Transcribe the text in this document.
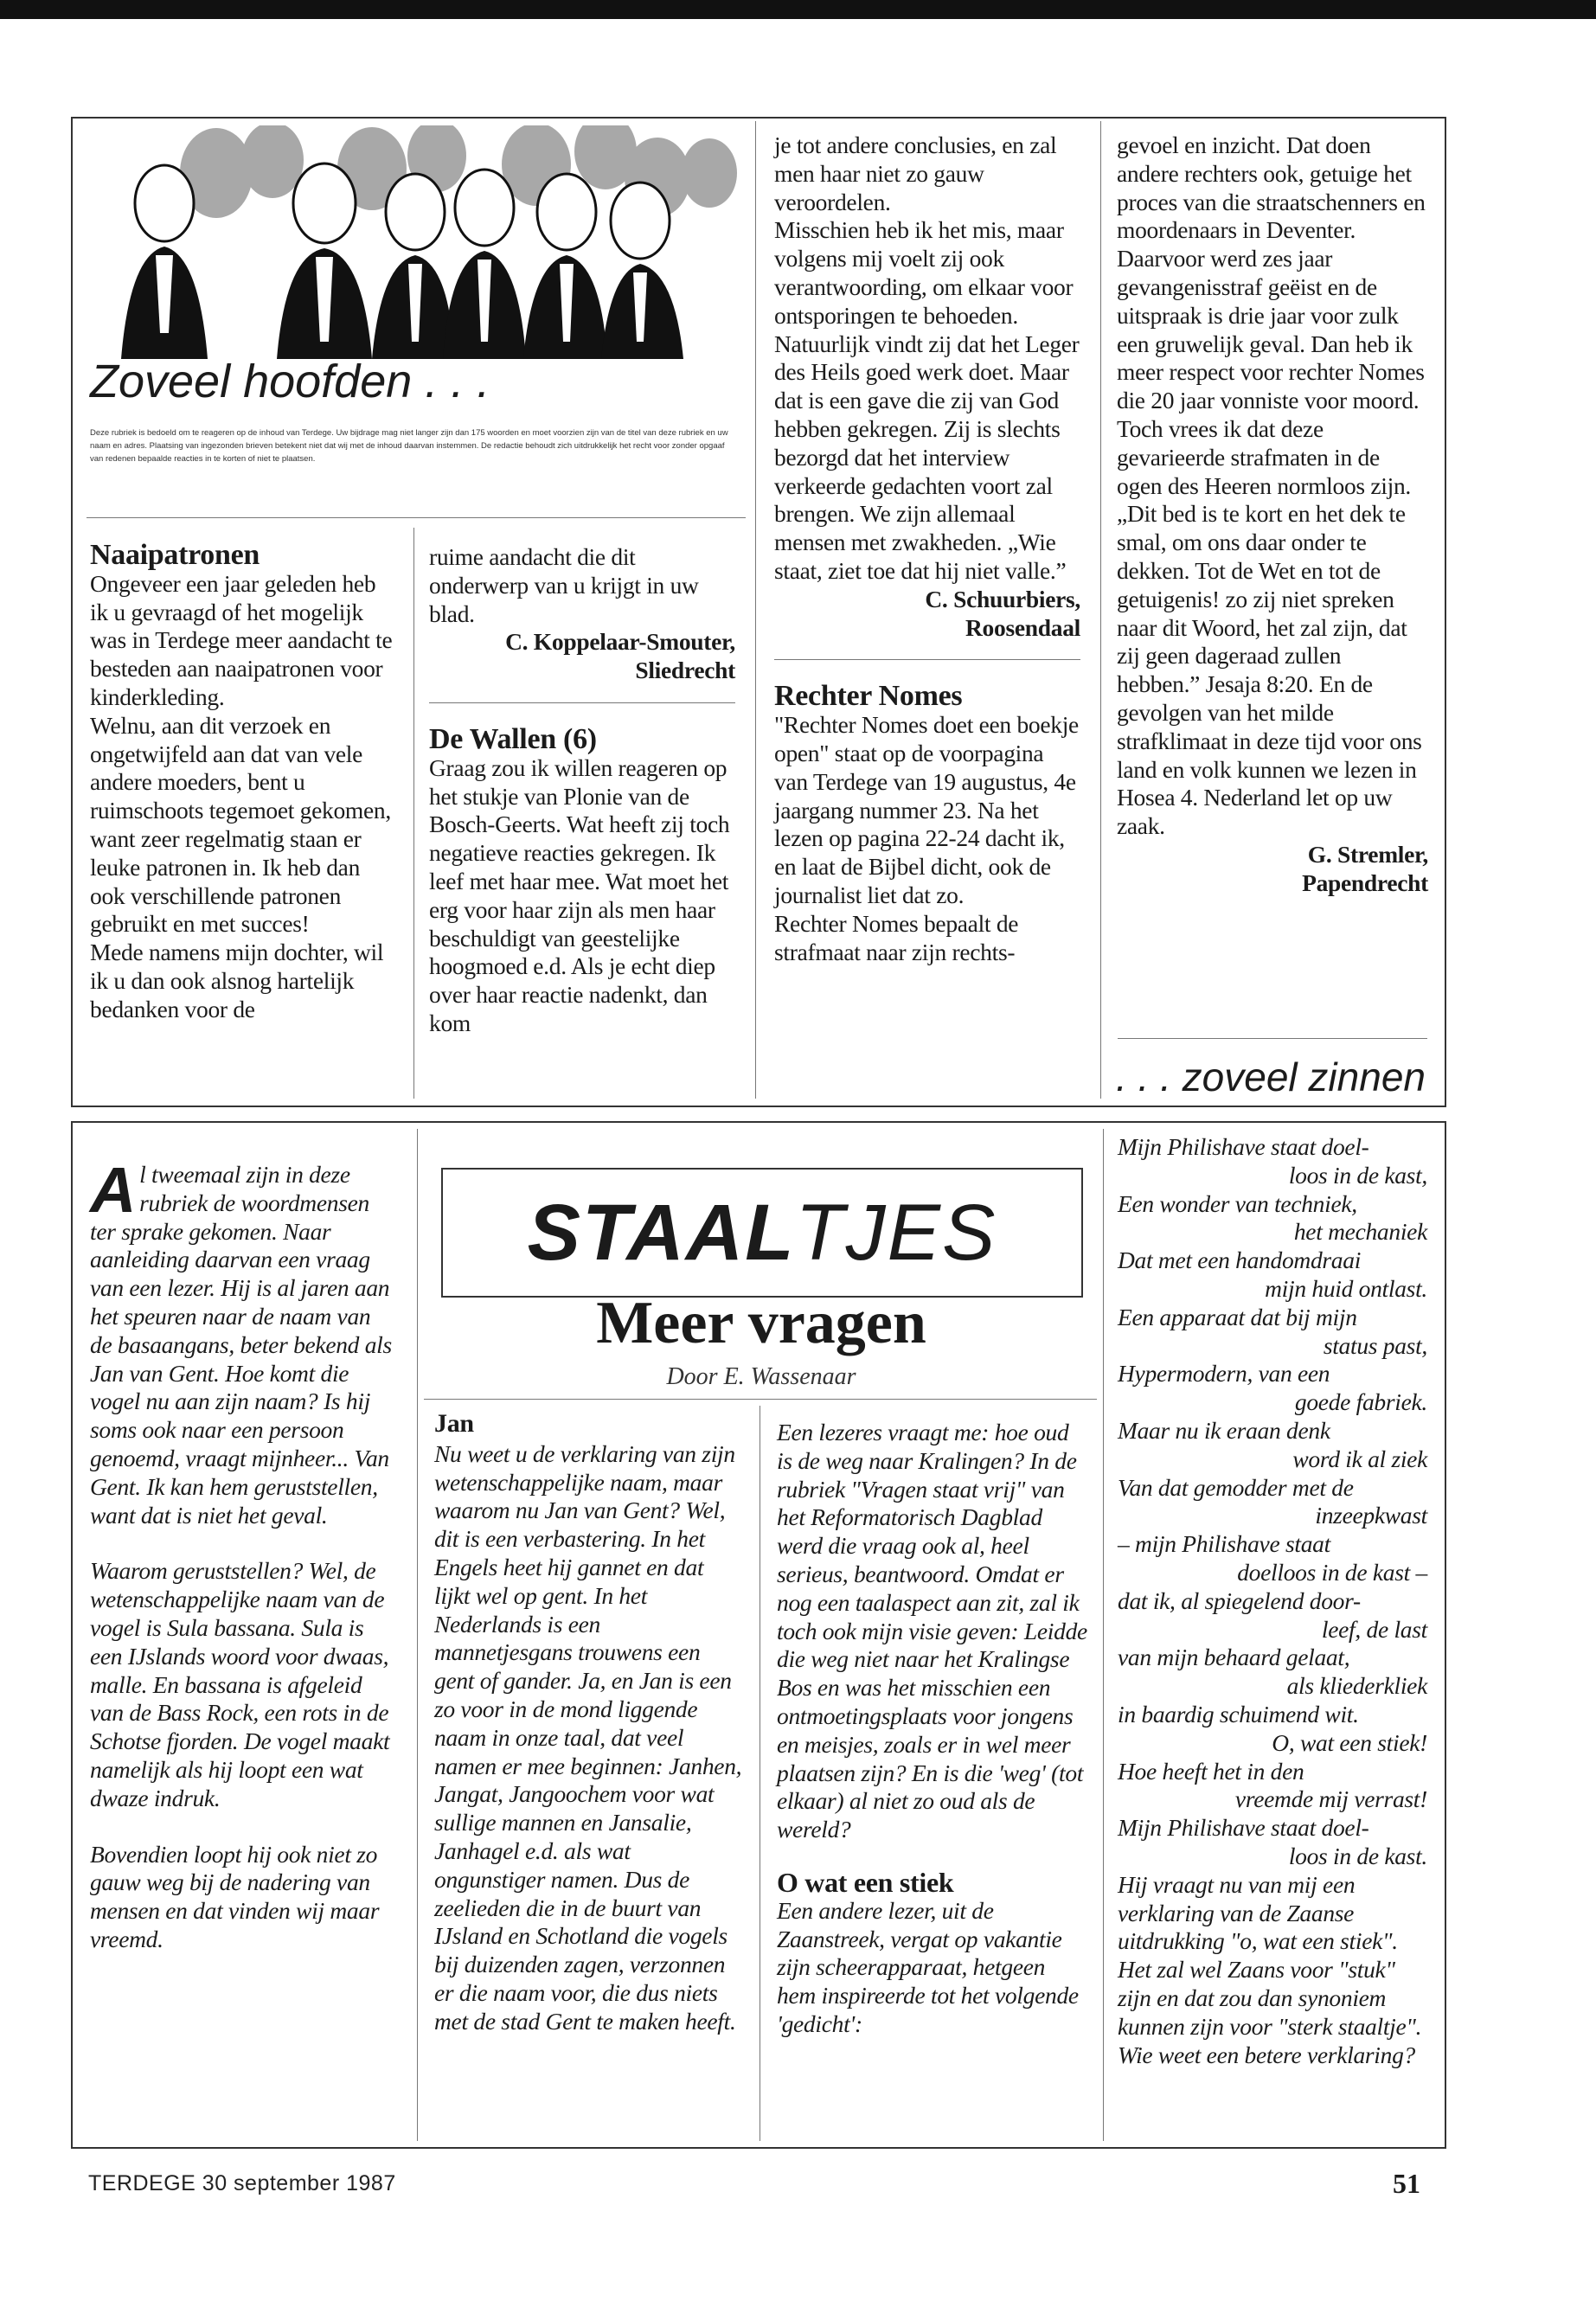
Zoveel hoofden . . .
Deze rubriek is bedoeld om te reageren op de inhoud van Terdege. Uw bijdrage mag niet langer zijn dan 175 woorden en moet voorzien zijn van de titel van deze rubriek en uw naam en adres. Plaatsing van ingezonden brieven betekent niet dat wij met de inhoud daarvan instemmen. De redactie behoudt zich uitdrukkelijk het recht voor zonder opgaaf van redenen bepaalde reacties in te korten of niet te plaatsen.

Naaipatronen

Ongeveer een jaar geleden heb ik u gevraagd of het mogelijk was in Terdege meer aandacht te besteden aan naaipatronen voor kinderkleding.

Welnu, aan dit verzoek en ongetwijfeld aan dat van vele andere moeders, bent u ruimschoots tegemoet gekomen, want zeer regelmatig staan er leuke patronen in. Ik heb dan ook verschillende patronen gebruikt en met succes!

Mede namens mijn dochter, wil ik u dan ook alsnog hartelijk bedanken voor de

ruime aandacht die dit onderwerp van u krijgt in uw blad.

C. Koppelaar-Smouter,

Sliedrecht

De Wallen (6)

Graag zou ik willen reageren op het stukje van Plonie van de Bosch-Geerts. Wat heeft zij toch negatieve reacties gekregen. Ik leef met haar mee. Wat moet het erg voor haar zijn als men haar beschuldigt van geestelijke hoogmoed e.d. Als je echt diep over haar reactie nadenkt, dan kom

je tot andere conclusies, en zal men haar niet zo gauw veroordelen.

Misschien heb ik het mis, maar volgens mij voelt zij ook verantwoording, om elkaar voor ontsporingen te behoeden. Natuurlijk vindt zij dat het Leger des Heils goed werk doet. Maar dat is een gave die zij van God hebben gekregen. Zij is slechts bezorgd dat het interview verkeerde gedachten voort zal brengen. We zijn allemaal mensen met zwakheden. „Wie staat, ziet toe dat hij niet valle.”

C. Schuurbiers,

Roosendaal

Rechter Nomes

"Rechter Nomes doet een boekje open" staat op de voorpagina van Terdege van 19 augustus, 4e jaargang nummer 23. Na het lezen op pagina 22-24 dacht ik, en laat de Bijbel dicht, ook de journalist liet dat zo.

Rechter Nomes bepaalt de strafmaat naar zijn rechts-

gevoel en inzicht. Dat doen andere rechters ook, getuige het proces van die straatschenners en moordenaars in Deventer. Daarvoor werd zes jaar gevangenisstraf geëist en de uitspraak is drie jaar voor zulk een gruwelijk geval. Dan heb ik meer respect voor rechter Nomes die 20 jaar vonniste voor moord. Toch vrees ik dat deze gevarieerde strafmaten in de ogen des Heeren normloos zijn. „Dit bed is te kort en het dek te smal, om ons daar onder te dekken. Tot de Wet en tot de getuigenis! zo zij niet spreken naar dit Woord, het zal zijn, dat zij geen dageraad zullen hebben.” Jesaja 8:20. En de gevolgen van het milde strafklimaat in deze tijd voor ons land en volk kunnen we lezen in Hosea 4. Nederland let op uw zaak.

G. Stremler,

Papendrecht

. . . zoveel zinnen

Al tweemaal zijn in deze rubriek de woordmensen ter sprake gekomen. Naar aanleiding daarvan een vraag van een lezer. Hij is al jaren aan het speuren naar de naam van de basaangans, beter bekend als Jan van Gent. Hoe komt die vogel nu aan zijn naam? Is hij soms ook naar een persoon genoemd, vraagt mijnheer... Van Gent. Ik kan hem geruststellen, want dat is niet het geval.

Waarom geruststellen? Wel, de wetenschappelijke naam van de vogel is Sula bassana. Sula is een IJslands woord voor dwaas, malle. En bassana is afgeleid van de Bass Rock, een rots in de Schotse fjorden. De vogel maakt namelijk als hij loopt een wat dwaze indruk.

Bovendien loopt hij ook niet zo gauw weg bij de nadering van mensen en dat vinden wij maar vreemd.

STAALTJES
Meer vragen
Door E. Wassenaar

Jan

Nu weet u de verklaring van zijn wetenschappelijke naam, maar waarom nu Jan van Gent? Wel, dit is een verbastering. In het Engels heet hij gannet en dat lijkt wel op gent. In het Nederlands is een mannetjesgans trouwens een gent of gander. Ja, en Jan is een zo voor in de mond liggende naam in onze taal, dat veel namen er mee beginnen: Janhen, Jangat, Jangoochem voor wat sullige mannen en Jansalie, Janhagel e.d. als wat ongunstiger namen. Dus de zeelieden die in de buurt van IJsland en Schotland die vogels bij duizenden zagen, verzonnen er die naam voor, die dus niets met de stad Gent te maken heeft.

Een lezeres vraagt me: hoe oud is de weg naar Kralingen? In de rubriek "Vragen staat vrij" van het Reformatorisch Dagblad werd die vraag ook al, heel serieus, beantwoord. Omdat er nog een taalaspect aan zit, zal ik toch ook mijn visie geven: Leidde die weg niet naar het Kralingse Bos en was het misschien een ontmoetingsplaats voor jongens en meisjes, zoals er in wel meer plaatsen zijn? En is die 'weg' (tot elkaar) al niet zo oud als de wereld?

O wat een stiek

Een andere lezer, uit de Zaanstreek, vergat op vakantie zijn scheerapparaat, hetgeen hem inspireerde tot het volgende 'gedicht':

Mijn Philishave staat doel-

loos in de kast,

Een wonder van techniek,

het mechaniek

Dat met een handomdraai

mijn huid ontlast.

Een apparaat dat bij mijn

status past,

Hypermodern, van een

goede fabriek.

Maar nu ik eraan denk

word ik al ziek

Van dat gemodder met de

inzeepkwast

– mijn Philishave staat

doelloos in de kast –

dat ik, al spiegelend door-

leef, de last

van mijn behaard gelaat,

als kliederkliek

in baardig schuimend wit.

O, wat een stiek!

Hoe heeft het in den

vreemde mij verrast!

Mijn Philishave staat doel-

loos in de kast.

Hij vraagt nu van mij een verklaring van de Zaanse uitdrukking "o, wat een stiek". Het zal wel Zaans voor "stuk" zijn en dat zou dan synoniem kunnen zijn voor "sterk staaltje". Wie weet een betere verklaring?

TERDEGE 30 september 1987	51
